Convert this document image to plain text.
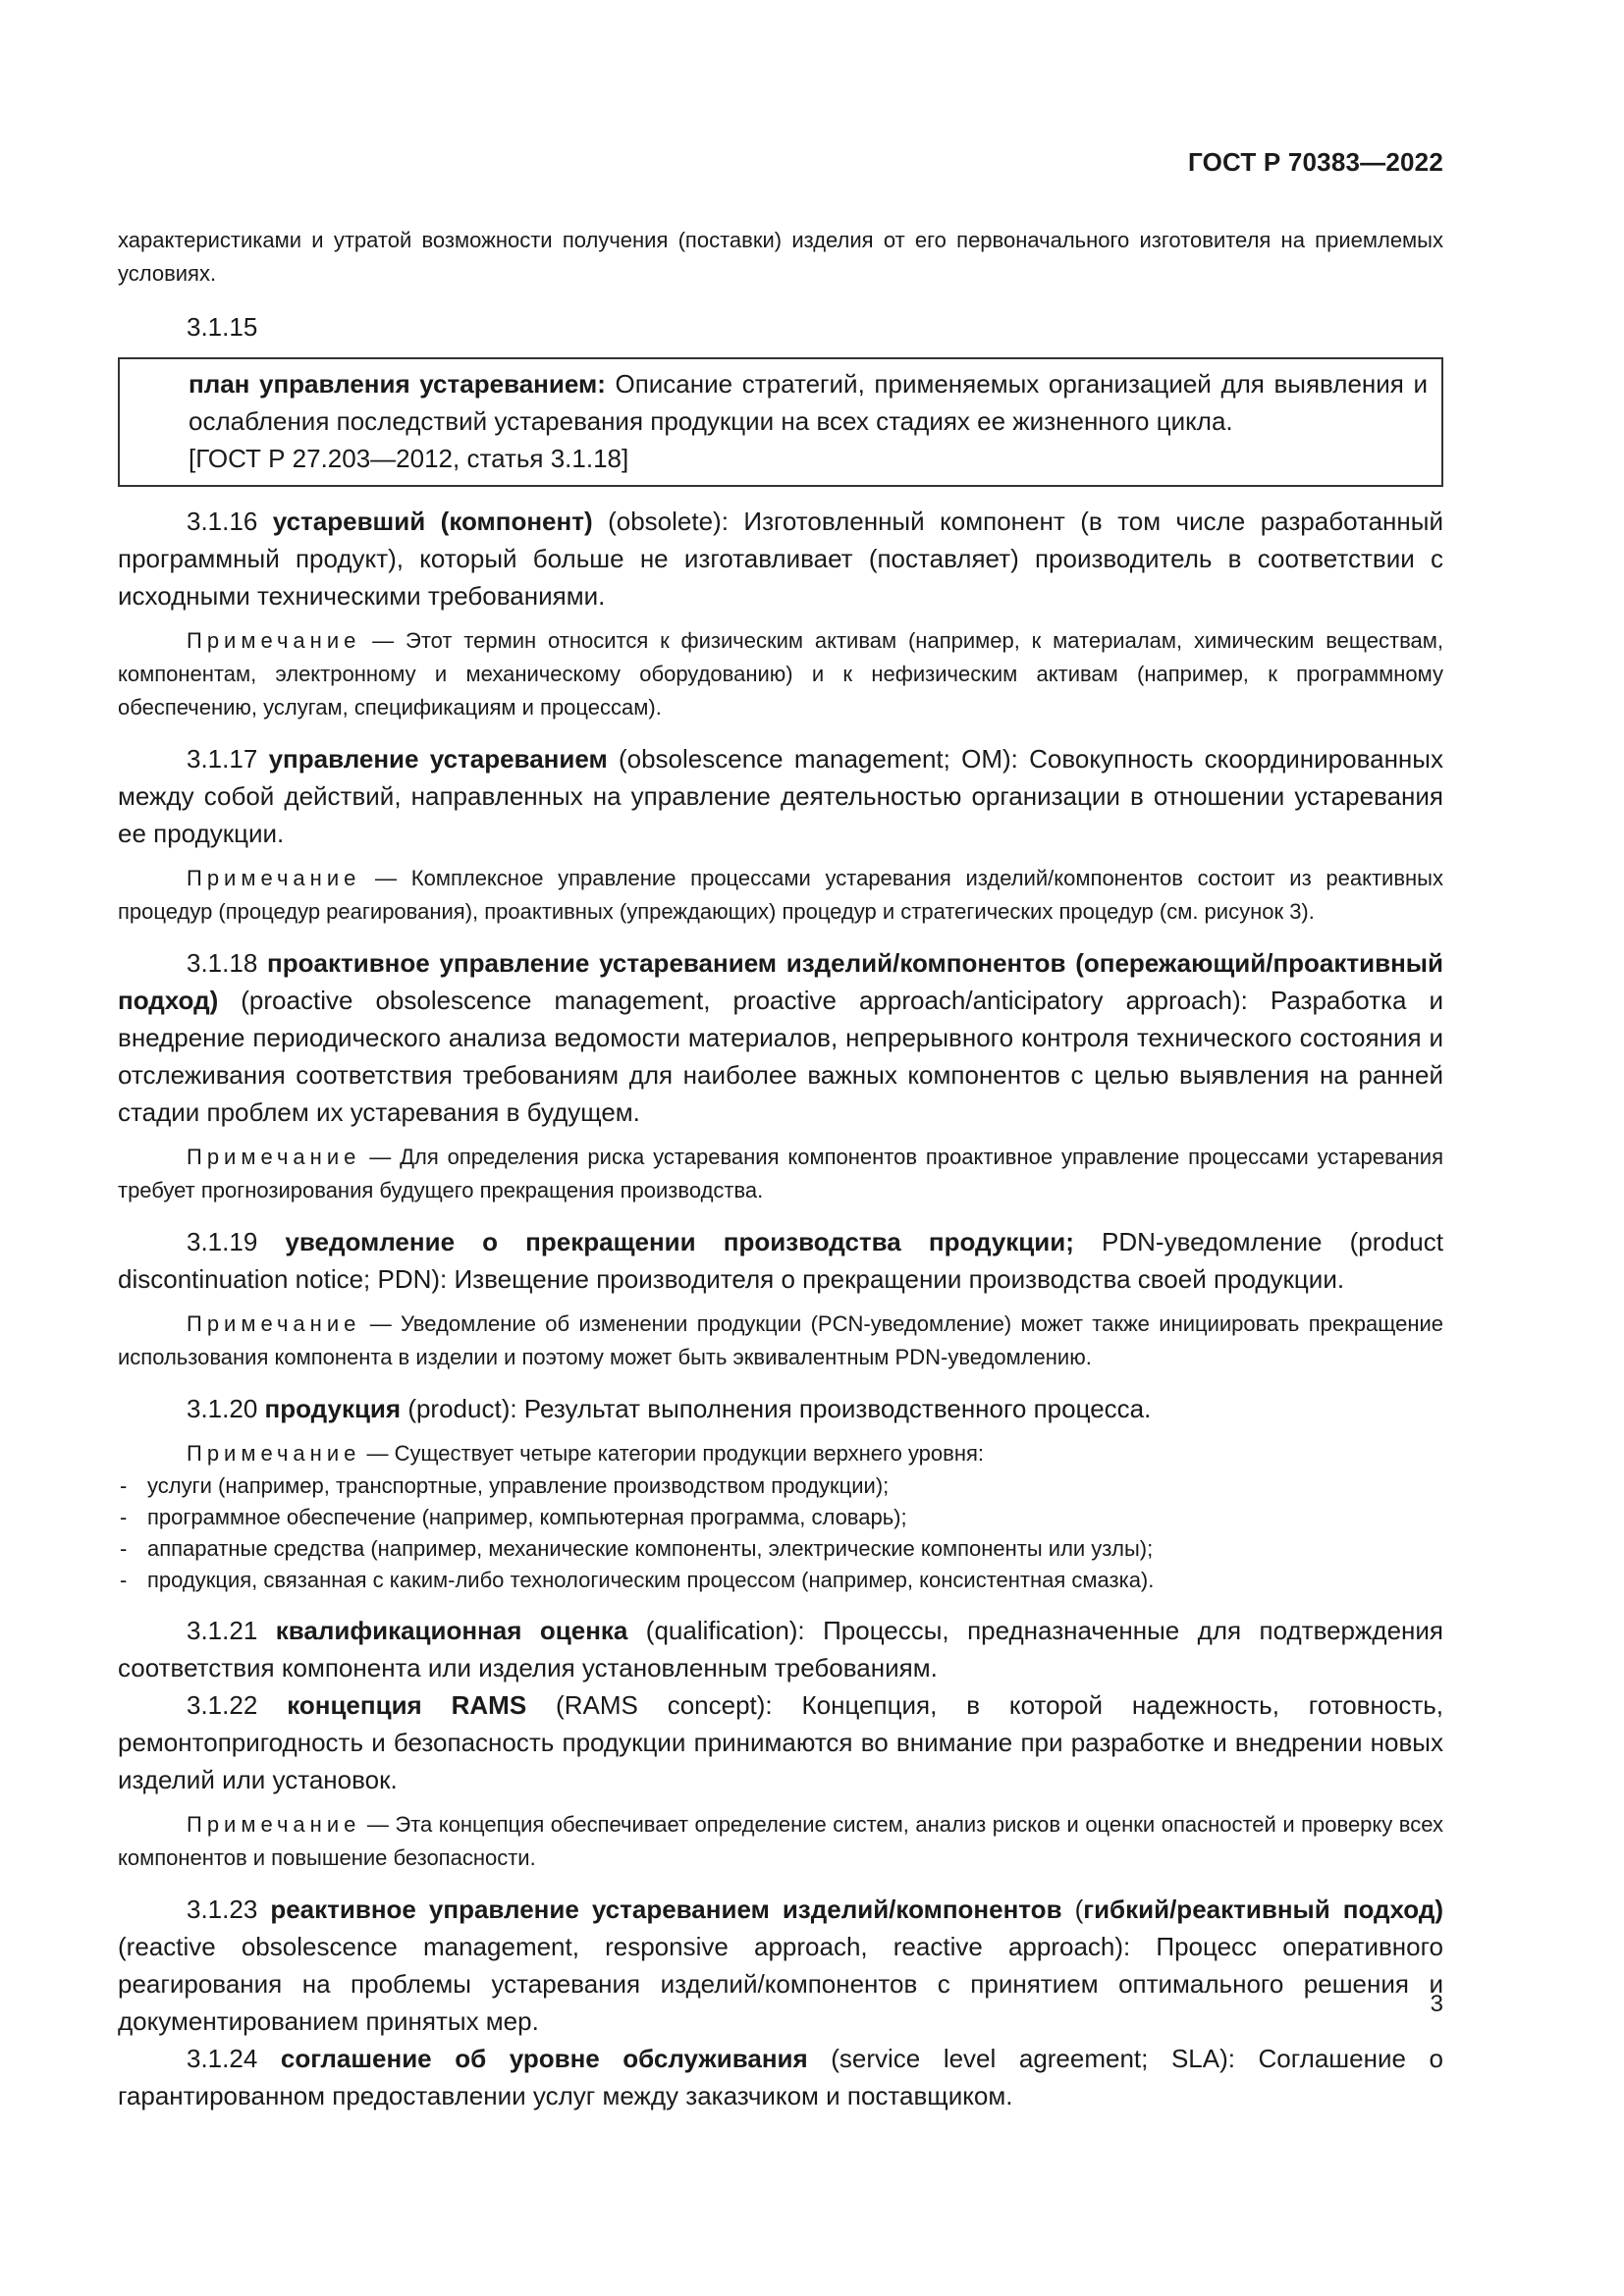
ГОСТ Р 70383—2022

характеристиками и утратой возможности получения (поставки) изделия от его первоначального изготовителя на приемлемых условиях.

3.1.15
план управления устареванием: Описание стратегий, применяемых организацией для выявления и ослабления последствий устаревания продукции на всех стадиях ее жизненного цикла.
[ГОСТ Р 27.203—2012, статья 3.1.18]

3.1.16 устаревший (компонент) (obsolete): Изготовленный компонент (в том числе разработанный программный продукт), который больше не изготавливает (поставляет) производитель в соответствии с исходными техническими требованиями.

Примечание — Этот термин относится к физическим активам (например, к материалам, химическим веществам, компонентам, электронному и механическому оборудованию) и к нефизическим активам (например, к программному обеспечению, услугам, спецификациям и процессам).

3.1.17 управление устареванием (obsolescence management; OM): Совокупность скоординированных между собой действий, направленных на управление деятельностью организации в отношении устаревания ее продукции.

Примечание — Комплексное управление процессами устаревания изделий/компонентов состоит из реактивных процедур (процедур реагирования), проактивных (упреждающих) процедур и стратегических процедур (см. рисунок 3).

3.1.18 проактивное управление устареванием изделий/компонентов (опережающий/проактивный подход) (proactive obsolescence management, proactive approach/anticipatory approach): Разработка и внедрение периодического анализа ведомости материалов, непрерывного контроля технического состояния и отслеживания соответствия требованиям для наиболее важных компонентов с целью выявления на ранней стадии проблем их устаревания в будущем.

Примечание — Для определения риска устаревания компонентов проактивное управление процессами устаревания требует прогнозирования будущего прекращения производства.

3.1.19 уведомление о прекращении производства продукции; PDN-уведомление (product discontinuation notice; PDN): Извещение производителя о прекращении производства своей продукции.

Примечание — Уведомление об изменении продукции (PCN-уведомление) может также инициировать прекращение использования компонента в изделии и поэтому может быть эквивалентным PDN-уведомлению.

3.1.20 продукция (product): Результат выполнения производственного процесса.

Примечание — Существует четыре категории продукции верхнего уровня:

- услуги (например, транспортные, управление производством продукции);
- программное обеспечение (например, компьютерная программа, словарь);
- аппаратные средства (например, механические компоненты, электрические компоненты или узлы);
- продукция, связанная с каким-либо технологическим процессом (например, консистентная смазка).

3.1.21 квалификационная оценка (qualification): Процессы, предназначенные для подтверждения соответствия компонента или изделия установленным требованиям.

3.1.22 концепция RAMS (RAMS concept): Концепция, в которой надежность, готовность, ремонтопригодность и безопасность продукции принимаются во внимание при разработке и внедрении новых изделий или установок.

Примечание — Эта концепция обеспечивает определение систем, анализ рисков и оценки опасностей и проверку всех компонентов и повышение безопасности.

3.1.23 реактивное управление устареванием изделий/компонентов (гибкий/реактивный подход) (reactive obsolescence management, responsive approach, reactive approach): Процесс оперативного реагирования на проблемы устаревания изделий/компонентов с принятием оптимального решения и документированием принятых мер.

3.1.24 соглашение об уровне обслуживания (service level agreement; SLA): Соглашение о гарантированном предоставлении услуг между заказчиком и поставщиком.

3
